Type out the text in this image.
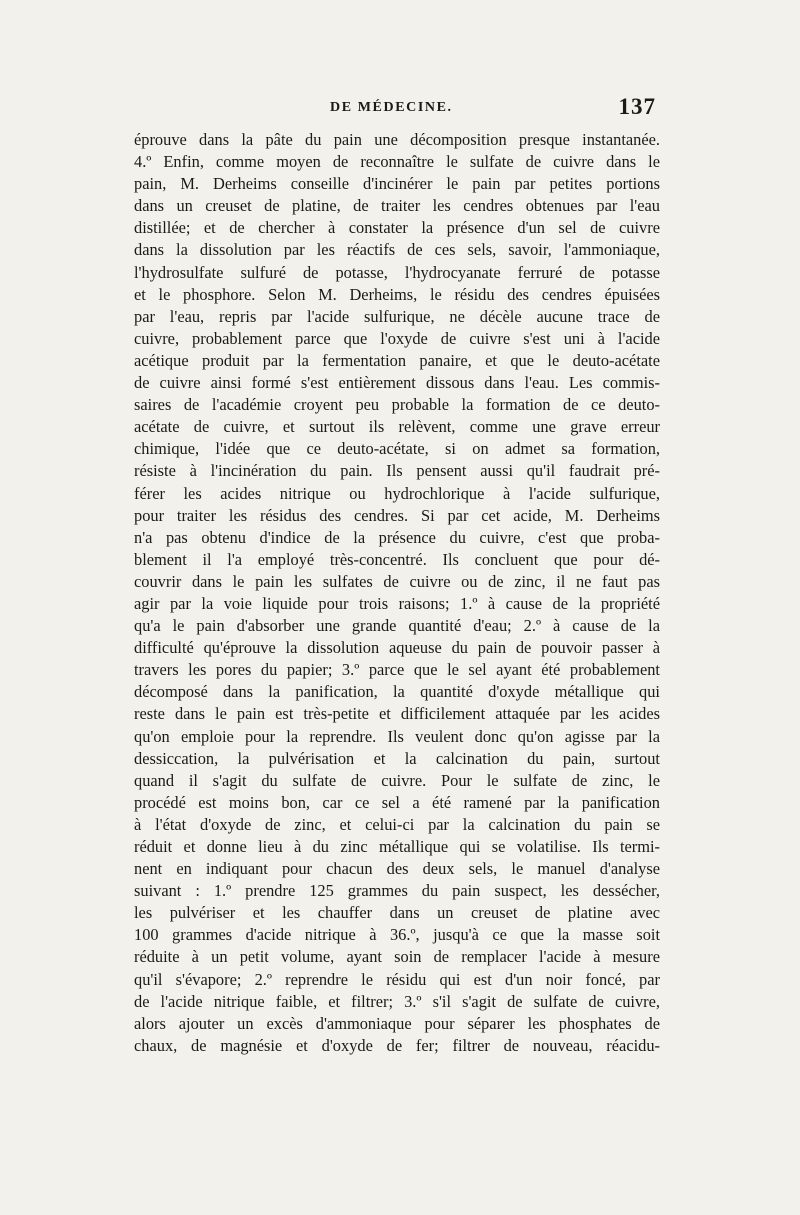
DE MÉDECINE.	137
éprouve dans la pâte du pain une décomposition presque instantanée.
4.º Enfin, comme moyen de reconnaître le sulfate de cuivre dans le
pain, M. Derheims conseille d'incinérer le pain par petites portions
dans un creuset de platine, de traiter les cendres obtenues par l'eau
distillée; et de chercher à constater la présence d'un sel de cuivre
dans la dissolution par les réactifs de ces sels, savoir, l'ammoniaque,
l'hydrosulfate sulfuré de potasse, l'hydrocyanate ferruré de potasse
et le phosphore. Selon M. Derheims, le résidu des cendres épuisées
par l'eau, repris par l'acide sulfurique, ne décèle aucune trace de
cuivre, probablement parce que l'oxyde de cuivre s'est uni à l'acide
acétique produit par la fermentation panaire, et que le deuto-acétate
de cuivre ainsi formé s'est entièrement dissous dans l'eau. Les commis-
saires de l'académie croyent peu probable la formation de ce deuto-
acétate de cuivre, et surtout ils relèvent, comme une grave erreur
chimique, l'idée que ce deuto-acétate, si on admet sa formation,
résiste à l'incinération du pain. Ils pensent aussi qu'il faudrait pré-
férer les acides nitrique ou hydrochlorique à l'acide sulfurique,
pour traiter les résidus des cendres. Si par cet acide, M. Derheims
n'a pas obtenu d'indice de la présence du cuivre, c'est que proba-
blement il l'a employé très-concentré. Ils concluent que pour dé-
couvrir dans le pain les sulfates de cuivre ou de zinc, il ne faut pas
agir par la voie liquide pour trois raisons; 1.º à cause de la propriété
qu'a le pain d'absorber une grande quantité d'eau; 2.º à cause de la
difficulté qu'éprouve la dissolution aqueuse du pain de pouvoir passer à
travers les pores du papier; 3.º parce que le sel ayant été probablement
décomposé dans la panification, la quantité d'oxyde métallique qui
reste dans le pain est très-petite et difficilement attaquée par les acides
qu'on emploie pour la reprendre. Ils veulent donc qu'on agisse par la
dessiccation, la pulvérisation et la calcination du pain, surtout
quand il s'agit du sulfate de cuivre. Pour le sulfate de zinc, le
procédé est moins bon, car ce sel a été ramené par la panification
à l'état d'oxyde de zinc, et celui-ci par la calcination du pain se
réduit et donne lieu à du zinc métallique qui se volatilise. Ils termi-
nent en indiquant pour chacun des deux sels, le manuel d'analyse
suivant : 1.º prendre 125 grammes du pain suspect, les dessécher,
les pulvériser et les chauffer dans un creuset de platine avec
100 grammes d'acide nitrique à 36.º, jusqu'à ce que la masse soit
réduite à un petit volume, ayant soin de remplacer l'acide à mesure
qu'il s'évapore; 2.º reprendre le résidu qui est d'un noir foncé, par
de l'acide nitrique faible, et filtrer; 3.º s'il s'agit de sulfate de cuivre,
alors ajouter un excès d'ammoniaque pour séparer les phosphates de
chaux, de magnésie et d'oxyde de fer; filtrer de nouveau, réacidu-
